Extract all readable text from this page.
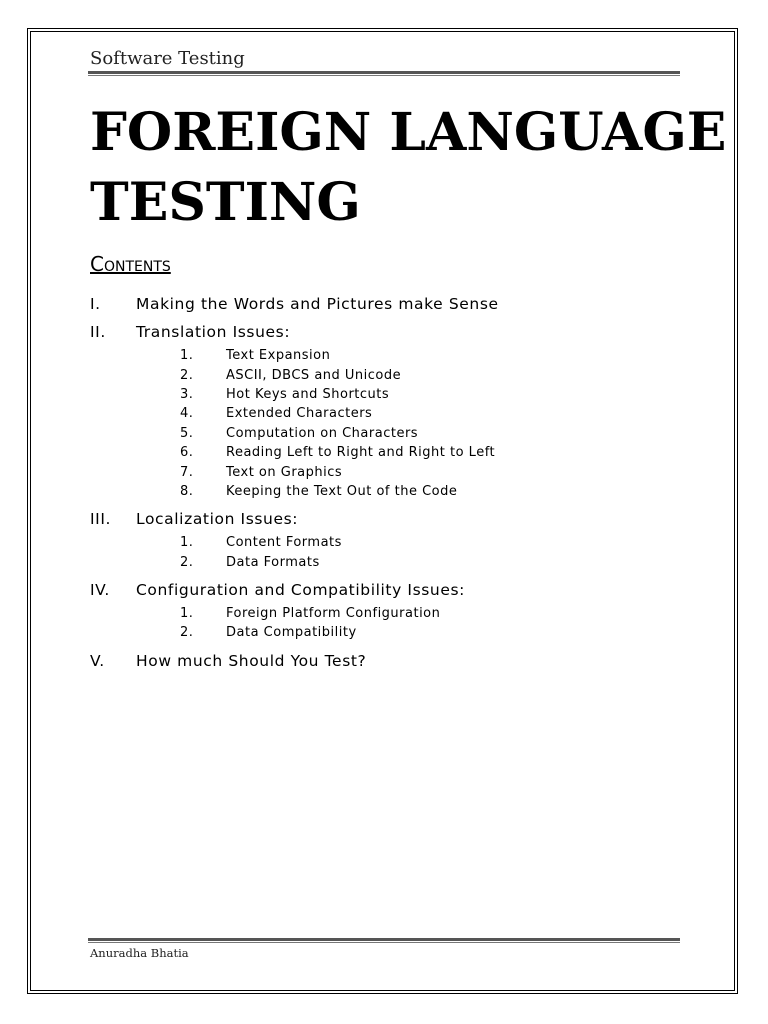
Software Testing
FOREIGN LANGUAGE
TESTING
Contents
I.	Making the Words and Pictures make Sense
II.	Translation Issues:
1.	Text Expansion
2.	ASCII, DBCS and Unicode
3.	Hot Keys and Shortcuts
4.	Extended Characters
5.	Computation on Characters
6.	Reading Left to Right and Right to Left
7.	Text on Graphics
8.	Keeping the Text Out of the Code
III.	Localization Issues:
1.	Content Formats
2.	Data Formats
IV.	Configuration and Compatibility Issues:
1.	Foreign Platform Configuration
2.	Data Compatibility
V.	How much Should You Test?
Anuradha Bhatia
